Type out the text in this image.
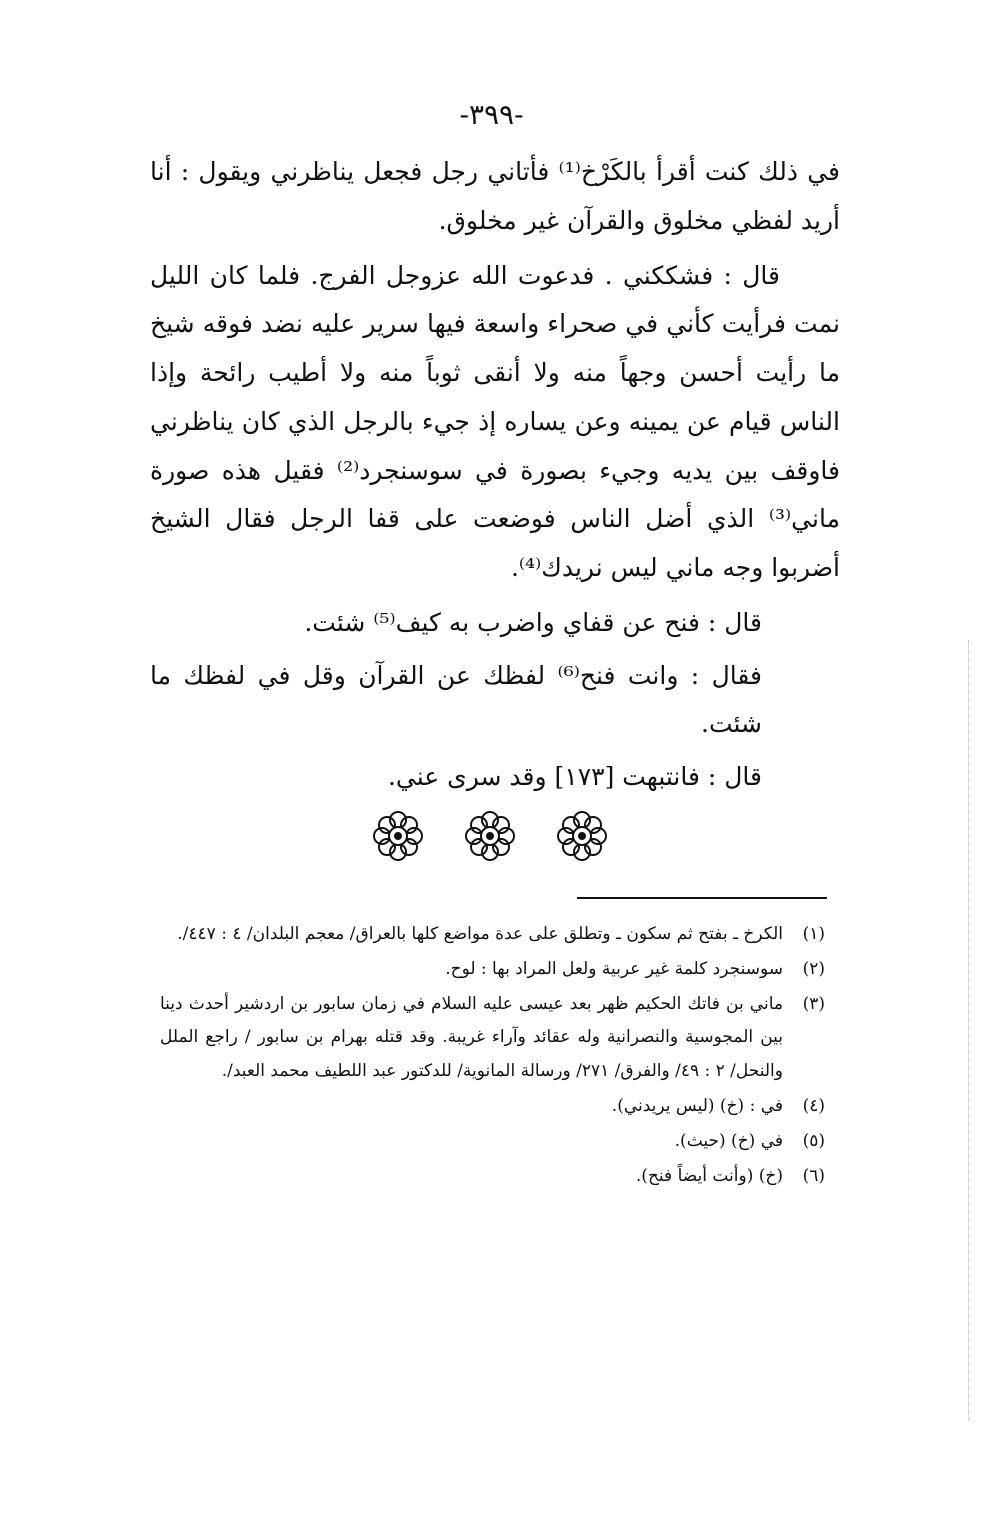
-٣٩٩-

في ذلك كنت أقرأ بالكَرْخ⁽¹⁾ فأتاني رجل فجعل يناظرني ويقول : أنا أريد لفظي مخلوق والقرآن غير مخلوق.

قال : فشككني . فدعوت الله عزوجل الفرج. فلما كان الليل نمت فرأيت كأني في صحراء واسعة فيها سرير عليه نضد فوقه شيخ ما رأيت أحسن وجهاً منه ولا أنقى ثوباً منه ولا أطيب رائحة وإذا الناس قيام عن يمينه وعن يساره إذ جيء بالرجل الذي كان يناظرني فاوقف بين يديه وجيء بصورة في سوسنجرد⁽²⁾ فقيل هذه صورة ماني⁽³⁾ الذي أضل الناس فوضعت على قفا الرجل فقال الشيخ أضربوا وجه ماني ليس نريدك⁽⁴⁾.

قال : فنح عن قفاي واضرب به كيف⁽⁵⁾ شئت.

فقال : وانت فنح⁽⁶⁾ لفظك عن القرآن وقل في لفظك ما شئت.

قال : فانتبهت [١٧٣] وقد سرى عني.

(١)
الكرخ ـ بفتح ثم سكون ـ وتطلق على عدة مواضع كلها بالعراق/ معجم البلدان/ ٤ : ٤٤٧/.
(٢)
سوسنجرد كلمة غير عربية ولعل المراد بها : لوح.
(٣)
ماني بن فاتك الحكيم ظهر بعد عيسى عليه السلام في زمان سابور بن اردشير أحدث دينا بين المجوسية والنصرانية وله عقائد وآراء غريبة. وقد قتله بهرام بن سابور / راجع الملل والنحل/ ٢ : ٤٩/ والفرق/ ٢٧١/ ورسالة المانوية/ للدكتور عبد اللطيف محمد العبد/.
(٤)
في : (خ) (ليس يريدني).
(٥)
في (خ) (حيث).
(٦)
(خ) (وأنت أيضاً فنح).
